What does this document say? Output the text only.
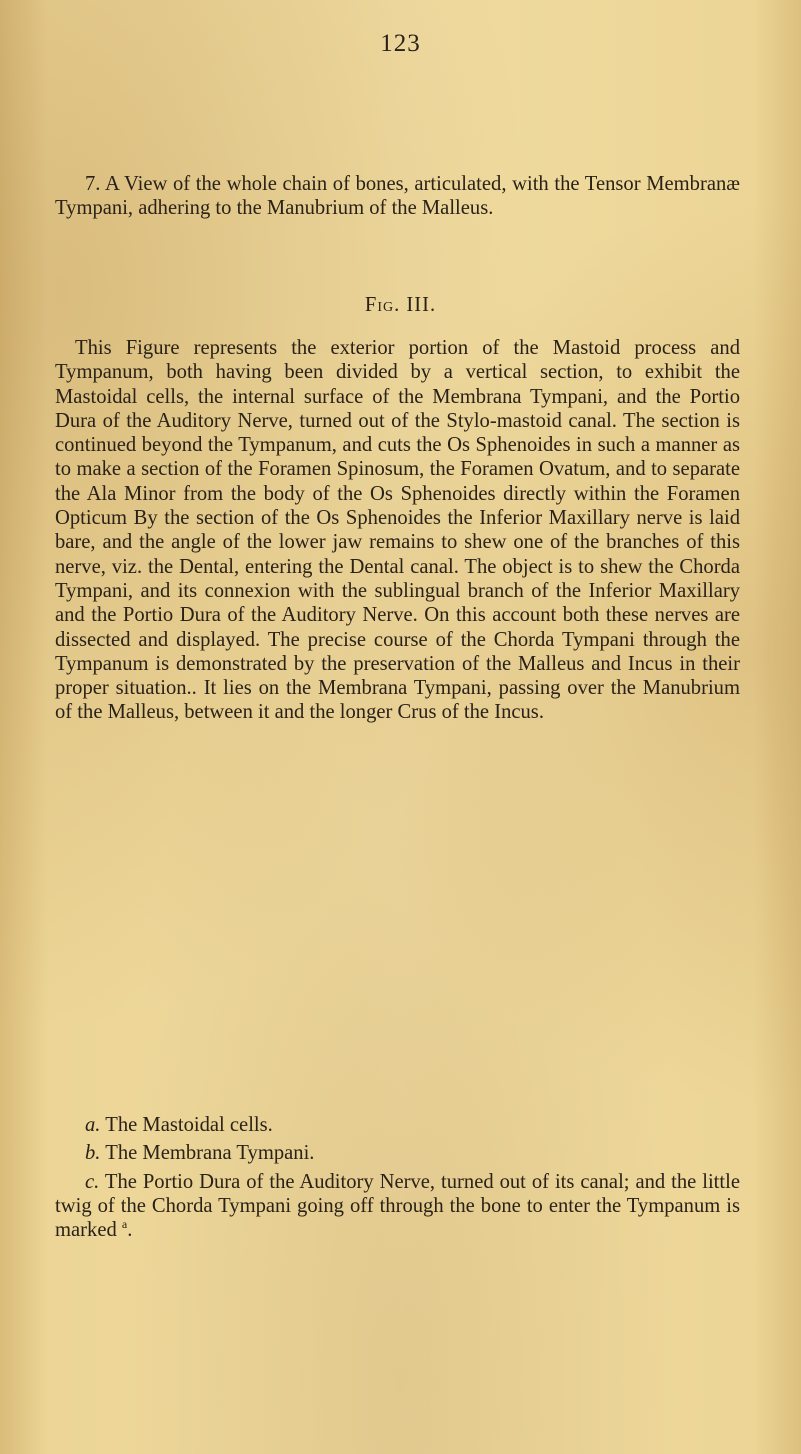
123

7. A View of the whole chain of bones, articulated, with the Tensor Membranæ Tympani, adhering to the Manubrium of the Malleus.

Fig. III.

This Figure represents the exterior portion of the Mastoid process and Tympanum, both having been divided by a vertical section, to exhibit the Mastoidal cells, the internal surface of the Membrana Tympani, and the Portio Dura of the Auditory Nerve, turned out of the Stylo-mastoid canal. The section is continued beyond the Tympanum, and cuts the Os Sphenoides in such a manner as to make a section of the Foramen Spinosum, the Foramen Ovatum, and to separate the Ala Minor from the body of the Os Sphenoides directly within the Foramen Opticum By the section of the Os Sphenoides the Inferior Maxillary nerve is laid bare, and the angle of the lower jaw remains to shew one of the branches of this nerve, viz. the Dental, entering the Dental canal. The object is to shew the Chorda Tympani, and its connexion with the sublingual branch of the Inferior Maxillary and the Portio Dura of the Auditory Nerve. On this account both these nerves are dissected and displayed. The precise course of the Chorda Tympani through the Tympanum is demonstrated by the preservation of the Malleus and Incus in their proper situation.. It lies on the Membrana Tympani, passing over the Manubrium of the Malleus, between it and the longer Crus of the Incus.

a. The Mastoidal cells.
b. The Membrana Tympani.
c. The Portio Dura of the Auditory Nerve, turned out of its canal; and the little twig of the Chorda Tympani going off through the bone to enter the Tympanum is marked $^a$.
